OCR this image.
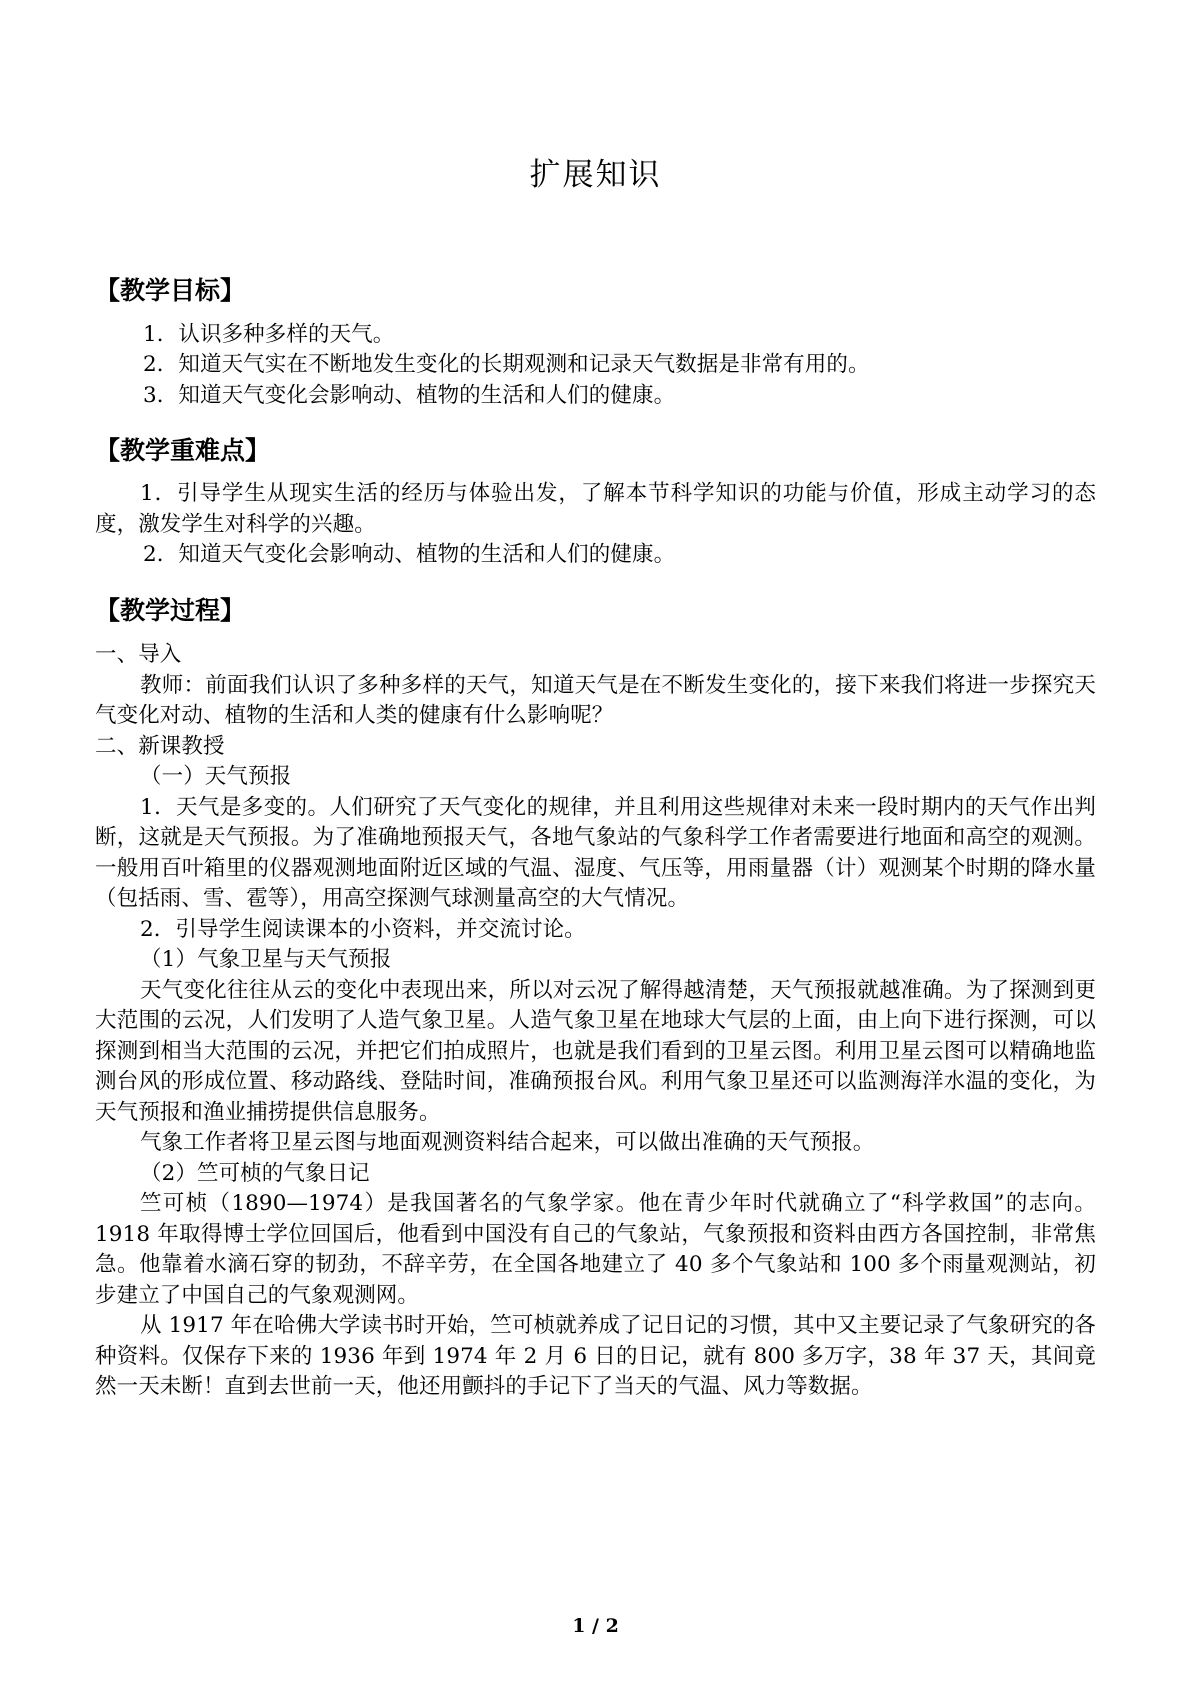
扩展知识
【教学目标】

1．认识多种多样的天气。

2．知道天气实在不断地发生变化的长期观测和记录天气数据是非常有用的。

3．知道天气变化会影响动、植物的生活和人们的健康。

【教学重难点】

1．引导学生从现实生活的经历与体验出发，了解本节科学知识的功能与价值，形成主动学习的态度，激发学生对科学的兴趣。

2．知道天气变化会影响动、植物的生活和人们的健康。

【教学过程】

一、导入

教师：前面我们认识了多种多样的天气，知道天气是在不断发生变化的，接下来我们将进一步探究天气变化对动、植物的生活和人类的健康有什么影响呢？

二、新课教授

（一）天气预报

1．天气是多变的。人们研究了天气变化的规律，并且利用这些规律对未来一段时期内的天气作出判断，这就是天气预报。为了准确地预报天气，各地气象站的气象科学工作者需要进行地面和高空的观测。一般用百叶箱里的仪器观测地面附近区域的气温、湿度、气压等，用雨量器（计）观测某个时期的降水量（包括雨、雪、雹等），用高空探测气球测量高空的大气情况。

2．引导学生阅读课本的小资料，并交流讨论。

（1）气象卫星与天气预报

天气变化往往从云的变化中表现出来，所以对云况了解得越清楚，天气预报就越准确。为了探测到更大范围的云况，人们发明了人造气象卫星。人造气象卫星在地球大气层的上面，由上向下进行探测，可以探测到相当大范围的云况，并把它们拍成照片，也就是我们看到的卫星云图。利用卫星云图可以精确地监测台风的形成位置、移动路线、登陆时间，准确预报台风。利用气象卫星还可以监测海洋水温的变化，为天气预报和渔业捕捞提供信息服务。

气象工作者将卫星云图与地面观测资料结合起来，可以做出准确的天气预报。

（2）竺可桢的气象日记

竺可桢（1890—1974）是我国著名的气象学家。他在青少年时代就确立了“科学救国”的志向。1918 年取得博士学位回国后，他看到中国没有自己的气象站，气象预报和资料由西方各国控制，非常焦急。他靠着水滴石穿的韧劲，不辞辛劳，在全国各地建立了 40 多个气象站和 100 多个雨量观测站，初步建立了中国自己的气象观测网。

从 1917 年在哈佛大学读书时开始，竺可桢就养成了记日记的习惯，其中又主要记录了气象研究的各种资料。仅保存下来的 1936 年到 1974 年 2 月 6 日的日记，就有 800 多万字，38 年 37 天，其间竟然一天未断！直到去世前一天，他还用颤抖的手记下了当天的气温、风力等数据。

1 / 2
